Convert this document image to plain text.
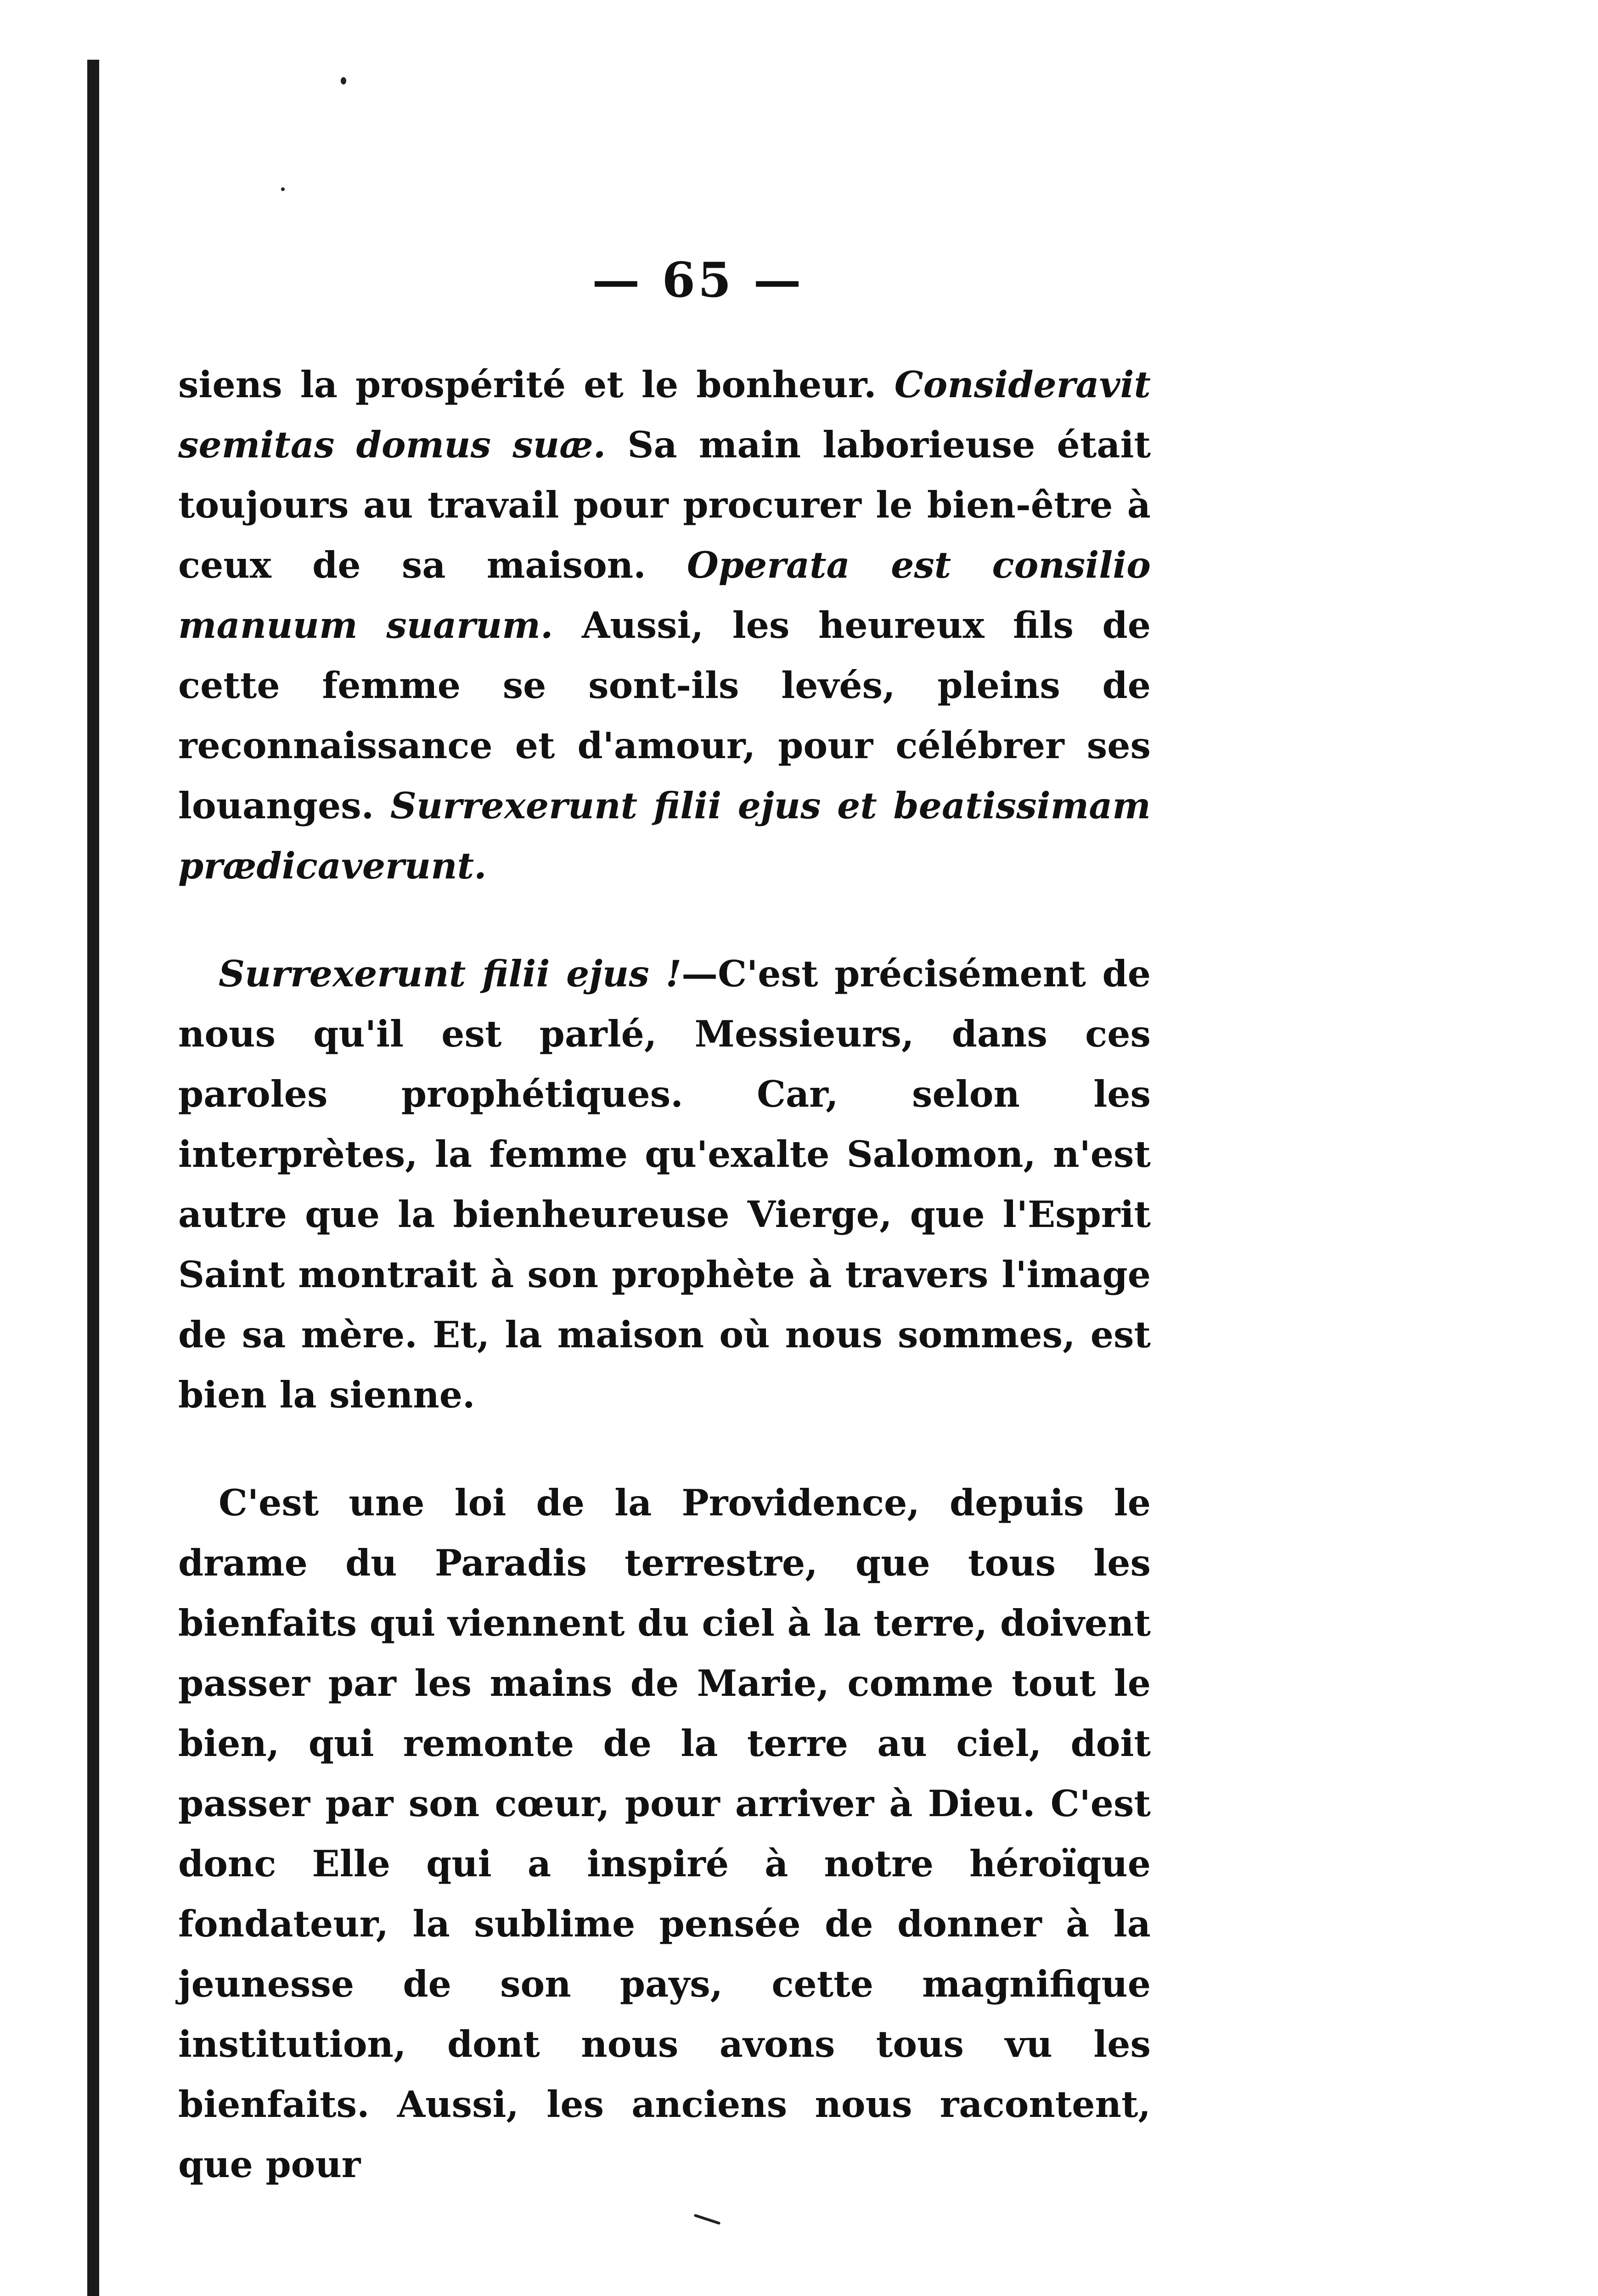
— 65 —

siens la prospérité et le bonheur. Consideravit semitas domus suæ. Sa main laborieuse était toujours au travail pour procurer le bien-être à ceux de sa maison. Operata est consilio manuum suarum. Aussi, les heureux fils de cette femme se sont-ils levés, pleins de reconnaissance et d'amour, pour célébrer ses louanges. Surrexerunt filii ejus et beatissimam prædicaverunt.

Surrexerunt filii ejus !—C'est précisément de nous qu'il est parlé, Messieurs, dans ces paroles prophétiques. Car, selon les interprètes, la femme qu'exalte Salomon, n'est autre que la bienheureuse Vierge, que l'Esprit Saint montrait à son prophète à travers l'image de sa mère. Et, la maison où nous sommes, est bien la sienne.

C'est une loi de la Providence, depuis le drame du Paradis terrestre, que tous les bienfaits qui viennent du ciel à la terre, doivent passer par les mains de Marie, comme tout le bien, qui remonte de la terre au ciel, doit passer par son cœur, pour arriver à Dieu. C'est donc Elle qui a inspiré à notre héroïque fondateur, la sublime pensée de donner à la jeunesse de son pays, cette magnifique institution, dont nous avons tous vu les bienfaits. Aussi, les anciens nous racontent, que pour
